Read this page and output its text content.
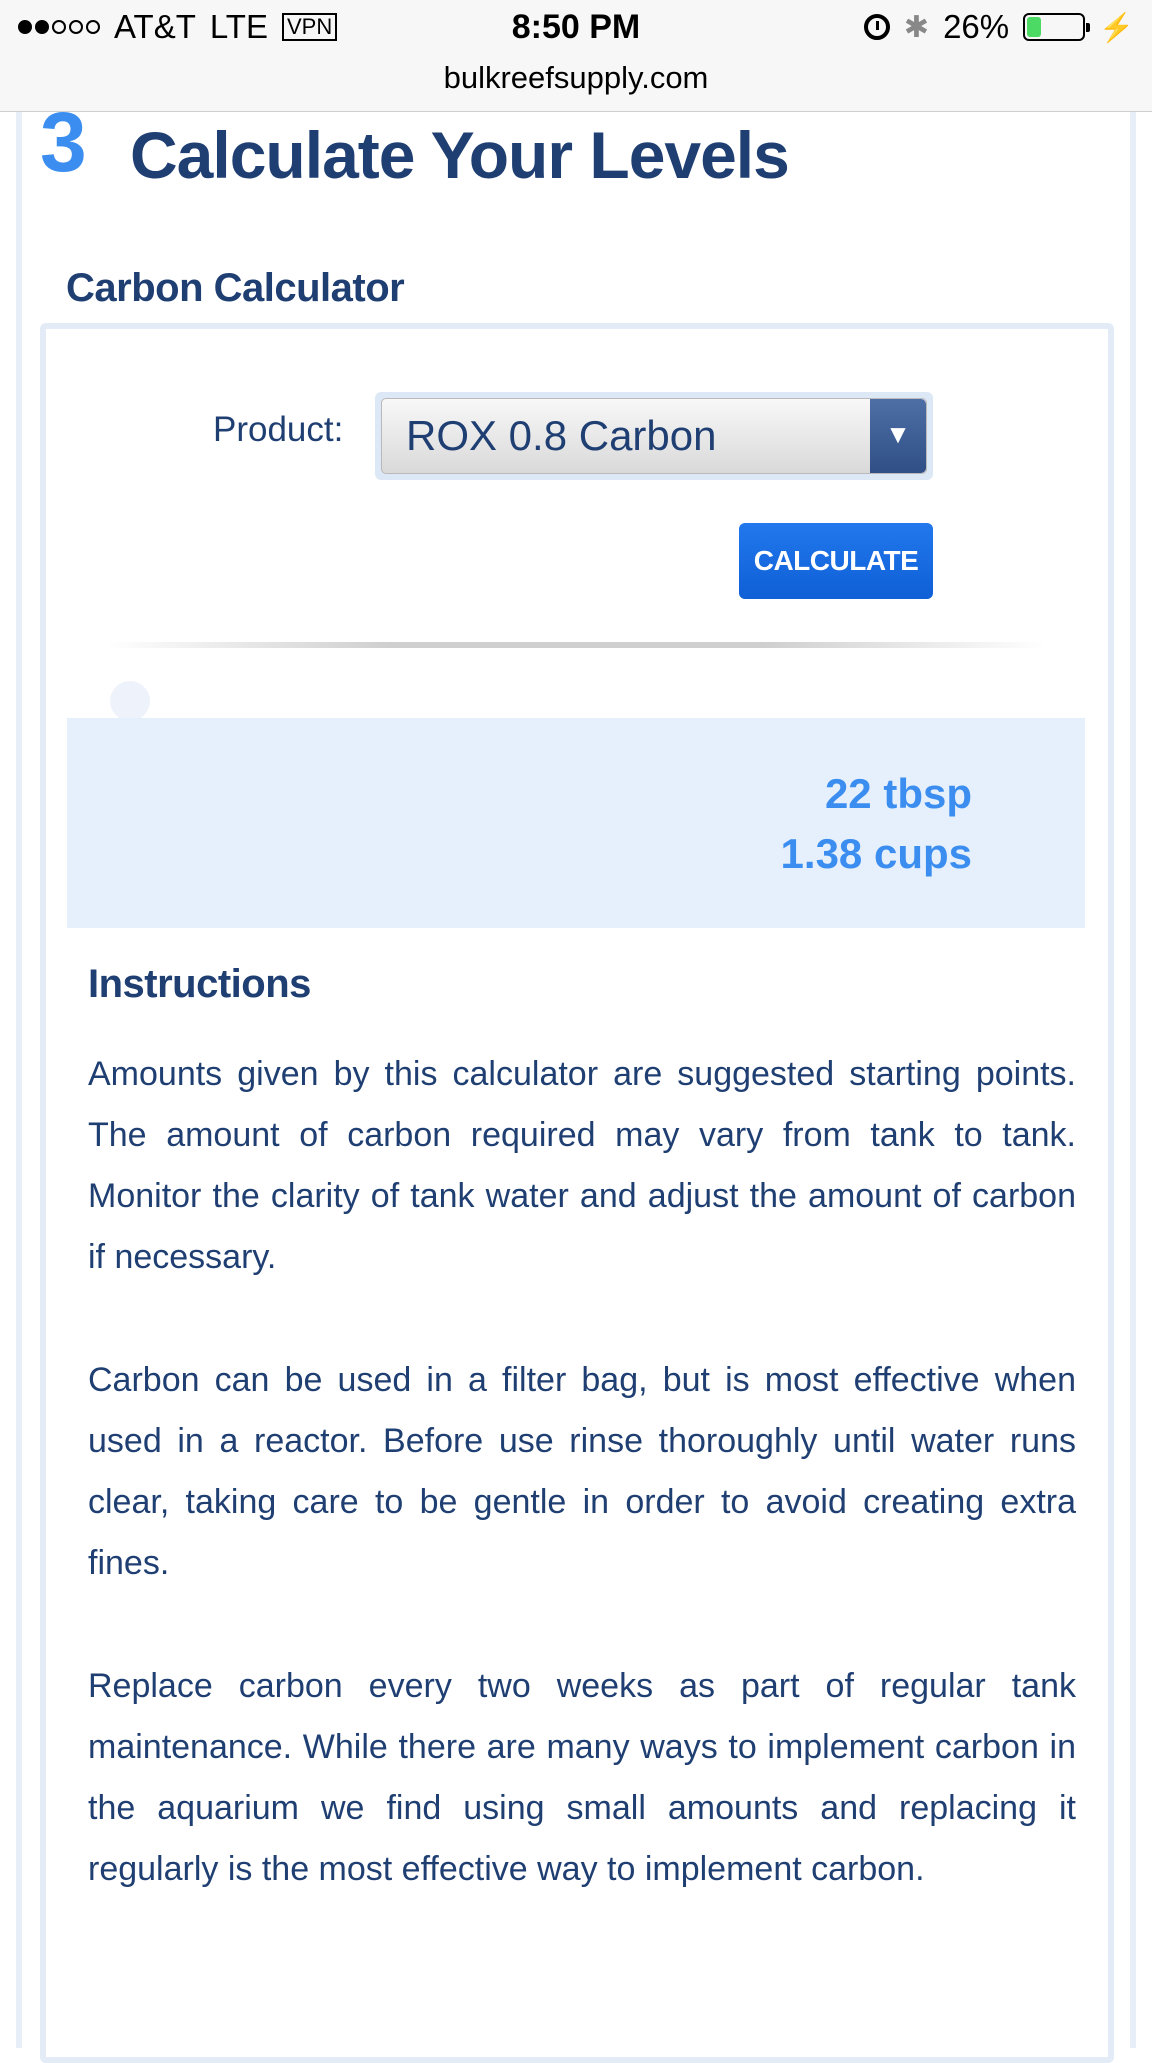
AT&T LTE VPN	8:50 PM	✱ 26%	⚡
bulkreefsupply.com
3 Calculate Your Levels
Carbon Calculator
Product:	ROX 0.8 Carbon	▼
CALCULATE
22 tbsp
1.38 cups
Instructions
Amounts given by this calculator are suggested starting points. The amount of carbon required may vary from tank to tank. Monitor the clarity of tank water and adjust the amount of carbon if necessary.
Carbon can be used in a filter bag, but is most effective when used in a reactor. Before use rinse thoroughly until water runs clear, taking care to be gentle in order to avoid creating extra fines.
Replace carbon every two weeks as part of regular tank maintenance. While there are many ways to implement carbon in the aquarium we find using small amounts and replacing it regularly is the most effective way to implement carbon.
